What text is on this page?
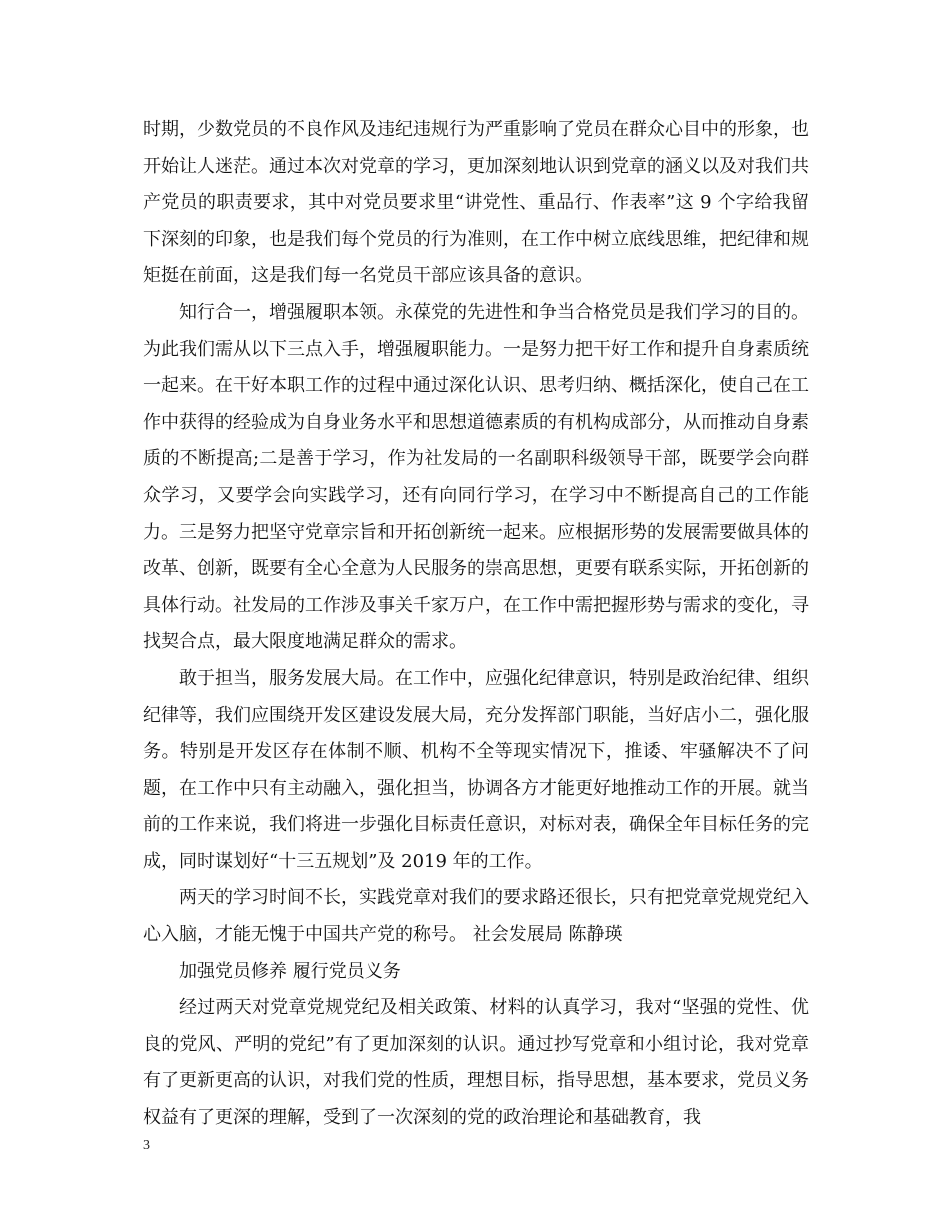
时期，少数党员的不良作风及违纪违规行为严重影响了党员在群众心目中的形象，也开始让人迷茫。通过本次对党章的学习，更加深刻地认识到党章的涵义以及对我们共产党员的职责要求，其中对党员要求里“讲党性、重品行、作表率”这 9 个字给我留下深刻的印象，也是我们每个党员的行为准则，在工作中树立底线思维，把纪律和规矩挺在前面，这是我们每一名党员干部应该具备的意识。

知行合一，增强履职本领。永葆党的先进性和争当合格党员是我们学习的目的。为此我们需从以下三点入手，增强履职能力。一是努力把干好工作和提升自身素质统一起来。在干好本职工作的过程中通过深化认识、思考归纳、概括深化，使自己在工作中获得的经验成为自身业务水平和思想道德素质的有机构成部分，从而推动自身素质的不断提高;二是善于学习，作为社发局的一名副职科级领导干部，既要学会向群众学习，又要学会向实践学习，还有向同行学习，在学习中不断提高自己的工作能力。三是努力把坚守党章宗旨和开拓创新统一起来。应根据形势的发展需要做具体的改革、创新，既要有全心全意为人民服务的崇高思想，更要有联系实际，开拓创新的具体行动。社发局的工作涉及事关千家万户，在工作中需把握形势与需求的变化，寻找契合点，最大限度地满足群众的需求。

敢于担当，服务发展大局。在工作中，应强化纪律意识，特别是政治纪律、组织纪律等，我们应围绕开发区建设发展大局，充分发挥部门职能，当好店小二，强化服务。特别是开发区存在体制不顺、机构不全等现实情况下，推诿、牢骚解决不了问题，在工作中只有主动融入，强化担当，协调各方才能更好地推动工作的开展。就当前的工作来说，我们将进一步强化目标责任意识，对标对表，确保全年目标任务的完成，同时谋划好“十三五规划”及 2019 年的工作。

两天的学习时间不长，实践党章对我们的要求路还很长，只有把党章党规党纪入心入脑，才能无愧于中国共产党的称号。 社会发展局 陈静瑛

加强党员修养 履行党员义务

经过两天对党章党规党纪及相关政策、材料的认真学习，我对“坚强的党性、优良的党风、严明的党纪”有了更加深刻的认识。通过抄写党章和小组讨论，我对党章有了更新更高的认识，对我们党的性质，理想目标，指导思想，基本要求，党员义务权益有了更深的理解，受到了一次深刻的党的政治理论和基础教育，我

3
